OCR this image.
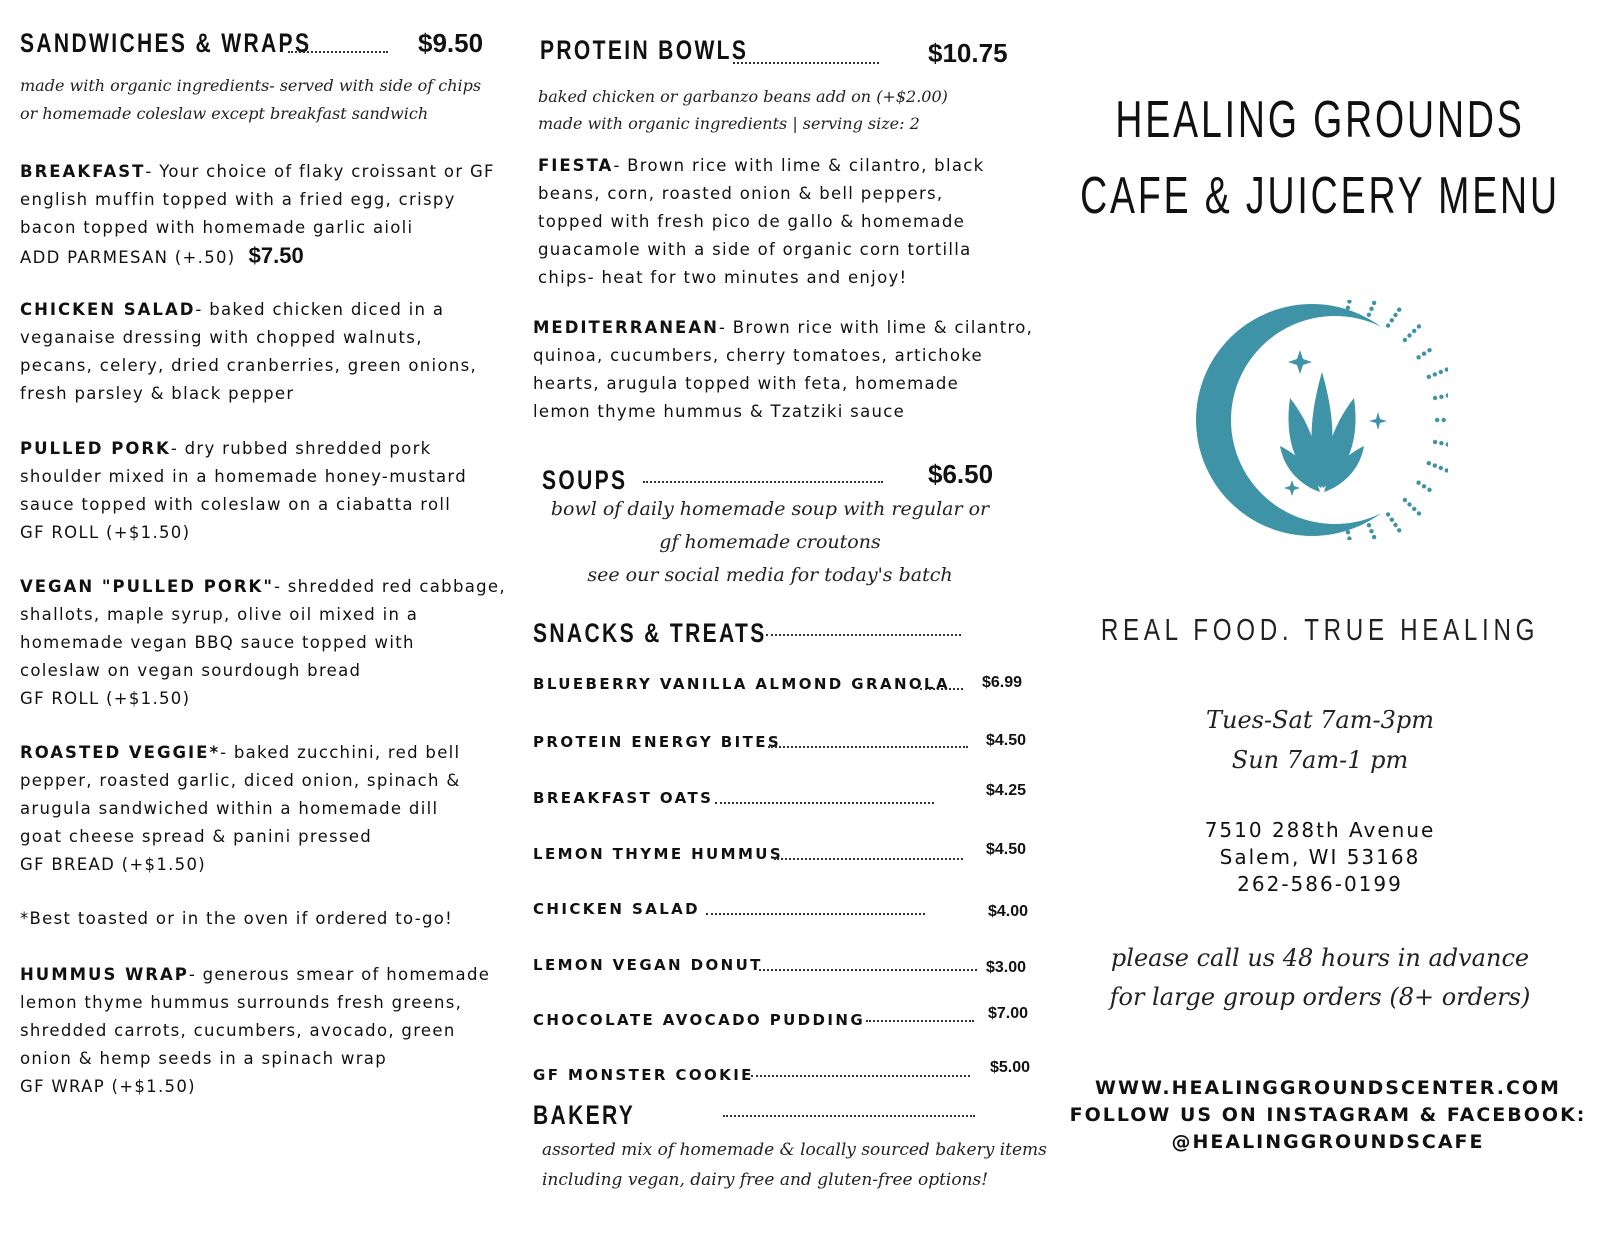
SANDWICHES & WRAPS	$9.50
made with organic ingredients- served with side of chips
or homemade coleslaw except breakfast sandwich

BREAKFAST- Your choice of flaky croissant or GF

english muffin topped with a fried egg, crispy

bacon topped with homemade garlic aioli

ADD PARMESAN (+.50) $7.50

CHICKEN SALAD- baked chicken diced in a

veganaise dressing with chopped walnuts,

pecans, celery, dried cranberries, green onions,

fresh parsley & black pepper

PULLED PORK- dry rubbed shredded pork

shoulder mixed in a homemade honey-mustard

sauce topped with coleslaw on a ciabatta roll

GF ROLL (+$1.50)

VEGAN "PULLED PORK"- shredded red cabbage,

shallots, maple syrup, olive oil mixed in a

homemade vegan BBQ sauce topped with

coleslaw on vegan sourdough bread

GF ROLL (+$1.50)

ROASTED VEGGIE*- baked zucchini, red bell

pepper, roasted garlic, diced onion, spinach &

arugula sandwiched within a homemade dill

goat cheese spread & panini pressed

GF BREAD (+$1.50)

*Best toasted or in the oven if ordered to-go!

HUMMUS WRAP- generous smear of homemade

lemon thyme hummus surrounds fresh greens,

shredded carrots, cucumbers, avocado, green

onion & hemp seeds in a spinach wrap

GF WRAP (+$1.50)

PROTEIN BOWLS	$10.75
baked chicken or garbanzo beans add on (+$2.00)
made with organic ingredients | serving size: 2

FIESTA- Brown rice with lime & cilantro, black

beans, corn, roasted onion & bell peppers,

topped with fresh pico de gallo & homemade

guacamole with a side of organic corn tortilla

chips- heat for two minutes and enjoy!

MEDITERRANEAN- Brown rice with lime & cilantro,

quinoa, cucumbers, cherry tomatoes, artichoke

hearts, arugula topped with feta, homemade

lemon thyme hummus & Tzatziki sauce

SOUPS	$6.50
bowl of daily homemade soup with regular or
gf homemade croutons
see our social media for today's batch
SNACKS & TREATS
BLUEBERRY VANILLA ALMOND GRANOLA $6.99
PROTEIN ENERGY BITES	$4.50
BREAKFAST OATS	$4.25
LEMON THYME HUMMUS	$4.50
CHICKEN SALAD	$4.00
LEMON VEGAN DONUT	$3.00
CHOCOLATE AVOCADO PUDDING	$7.00
GF MONSTER COOKIE	$5.00
BAKERY
assorted mix of homemade & locally sourced bakery items
including vegan, dairy free and gluten-free options!
HEALING GROUNDS
CAFE & JUICERY MENU
REAL FOOD. TRUE HEALING
Tues-Sat 7am-3pm
Sun 7am-1 pm
7510 288th Avenue
Salem, WI 53168
262-586-0199
please call us 48 hours in advance
for large group orders (8+ orders)
WWW.HEALINGGROUNDSCENTER.COM
FOLLOW US ON INSTAGRAM & FACEBOOK:
@HEALINGGROUNDSCAFE
